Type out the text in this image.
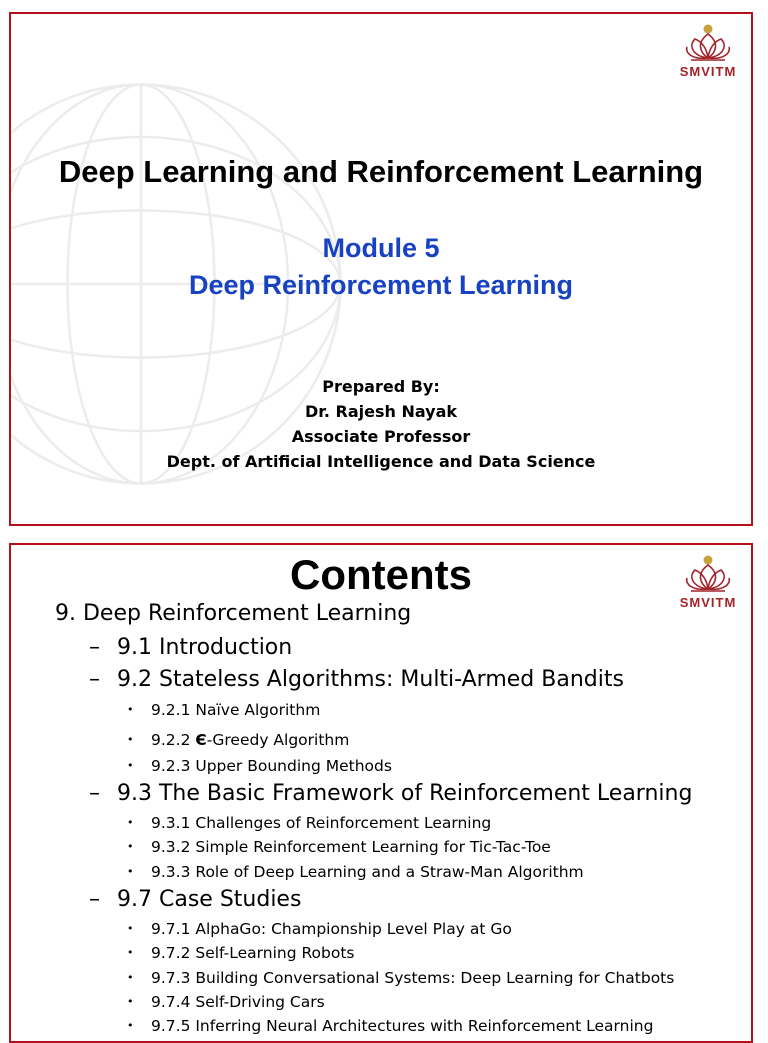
SMVITM
Deep Learning and Reinforcement Learning
Module 5
Deep Reinforcement Learning
Prepared By:
Dr. Rajesh Nayak
Associate Professor
Dept. of Artificial Intelligence and Data Science
SMVITM
Contents
9. Deep Reinforcement Learning
– 9.1 Introduction
– 9.2 Stateless Algorithms: Multi-Armed Bandits
• 9.2.1 Naïve Algorithm
• 9.2.2 Є-Greedy Algorithm
• 9.2.3 Upper Bounding Methods
– 9.3 The Basic Framework of Reinforcement Learning
• 9.3.1 Challenges of Reinforcement Learning
• 9.3.2 Simple Reinforcement Learning for Tic-Tac-Toe
• 9.3.3 Role of Deep Learning and a Straw-Man Algorithm
– 9.7 Case Studies
• 9.7.1 AlphaGo: Championship Level Play at Go
• 9.7.2 Self-Learning Robots
• 9.7.3 Building Conversational Systems: Deep Learning for Chatbots
• 9.7.4 Self-Driving Cars
• 9.7.5 Inferring Neural Architectures with Reinforcement Learning
